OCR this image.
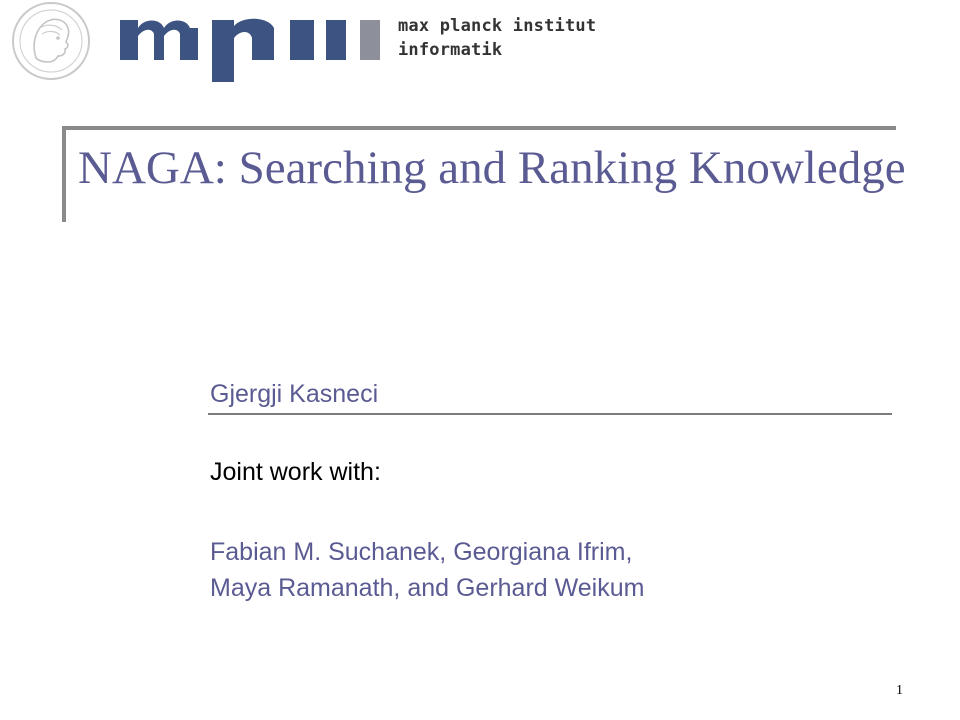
max planck institut
informatik
NAGA: Searching and Ranking Knowledge
Gjergji Kasneci
Joint work with:
Fabian M. Suchanek, Georgiana Ifrim,
Maya Ramanath, and Gerhard Weikum
1
